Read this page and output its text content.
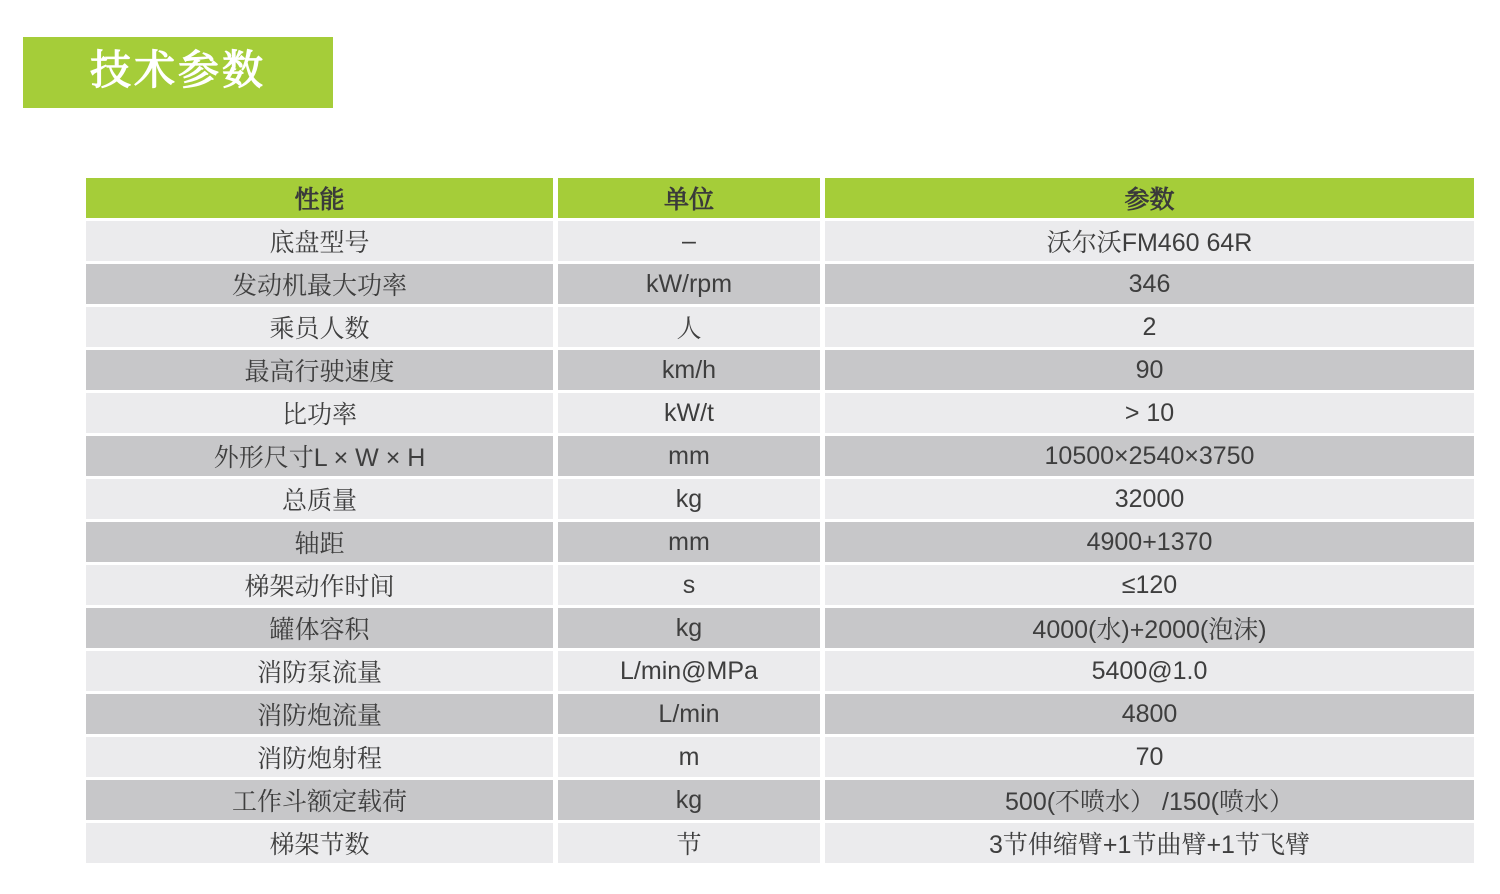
技术参数
性能	单位	参数
底盘型号	–	沃尔沃FM460 64R
发动机最大功率	kW/rpm	346
乘员人数	人	2
最高行驶速度	km/h	90
比功率	kW/t	> 10
外形尺寸L × W × H	mm	10500×2540×3750
总质量	kg	32000
轴距	mm	4900+1370
梯架动作时间	s	≤120
罐体容积	kg	4000(水)+2000(泡沫)
消防泵流量	L/min@MPa	5400@1.0
消防炮流量	L/min	4800
消防炮射程	m	70
工作斗额定载荷	kg	500(不喷水） /150(喷水）
梯架节数	节	3节伸缩臂+1节曲臂+1节飞臂
